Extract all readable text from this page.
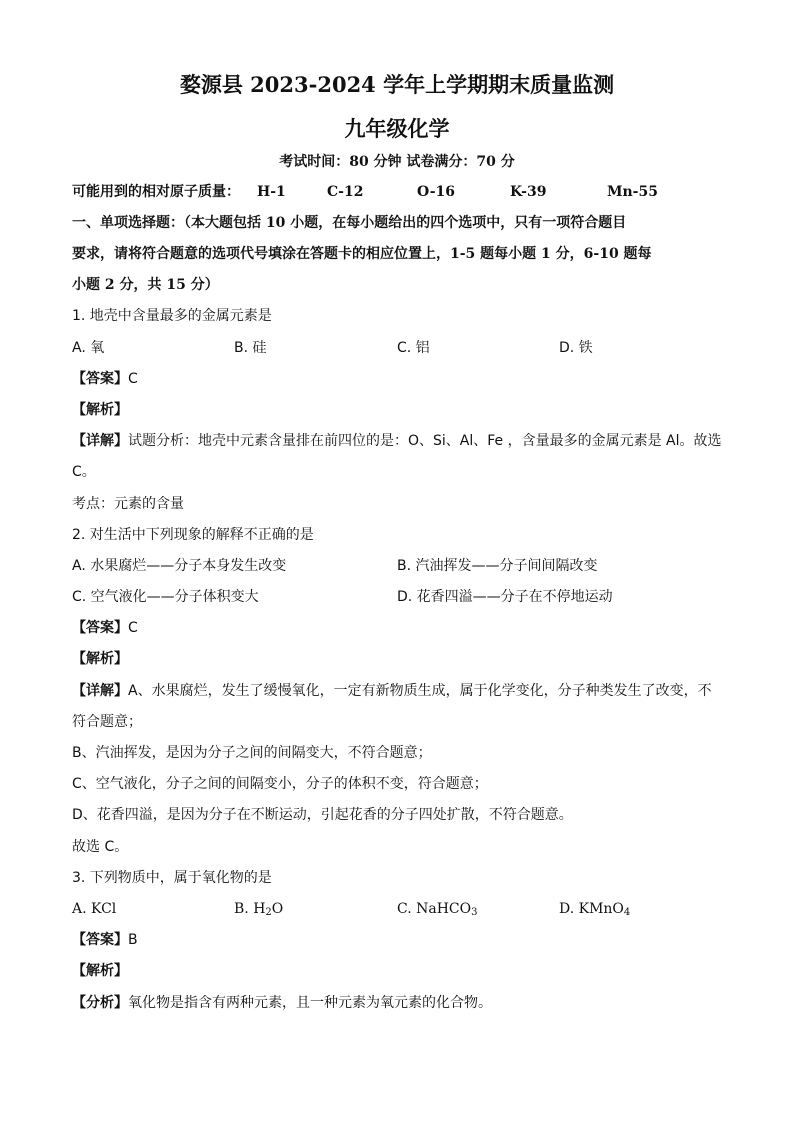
婺源县 2023-2024 学年上学期期末质量监测
九年级化学
考试时间：80 分钟 试卷满分：70 分
可能用到的相对原子质量： H-1	C-12	O-16	K-39	Mn-55
一、单项选择题：（本大题包括 10 小题，在每小题给出的四个选项中，只有一项符合题目
要求，请将符合题意的选项代号填涂在答题卡的相应位置上，1-5 题每小题 1 分，6-10 题每
小题 2 分，共 15 分）
1. 地壳中含量最多的金属元素是
A. 氧	B. 硅	C. 铝	D. 铁
【答案】C
【解析】
【详解】试题分析：地壳中元素含量排在前四位的是：O、Si、Al、Fe ，含量最多的金属元素是 Al。故选
C。
考点：元素的含量
2. 对生活中下列现象的解释不正确的是
A. 水果腐烂——分子本身发生改变	B. 汽油挥发——分子间间隔改变
C. 空气液化——分子体积变大	D. 花香四溢——分子在不停地运动
【答案】C
【解析】
【详解】A、水果腐烂，发生了缓慢氧化，一定有新物质生成，属于化学变化，分子种类发生了改变，不
符合题意；
B、汽油挥发，是因为分子之间的间隔变大，不符合题意；
C、空气液化，分子之间的间隔变小，分子的体积不变，符合题意；
D、花香四溢，是因为分子在不断运动，引起花香的分子四处扩散，不符合题意。
故选 C。
3. 下列物质中，属于氧化物的是
A. KCl	B. $H_2O$	C. NaHCO$_3$	D. KMnO$_4$
【答案】B
【解析】
【分析】氧化物是指含有两种元素，且一种元素为氧元素的化合物。
